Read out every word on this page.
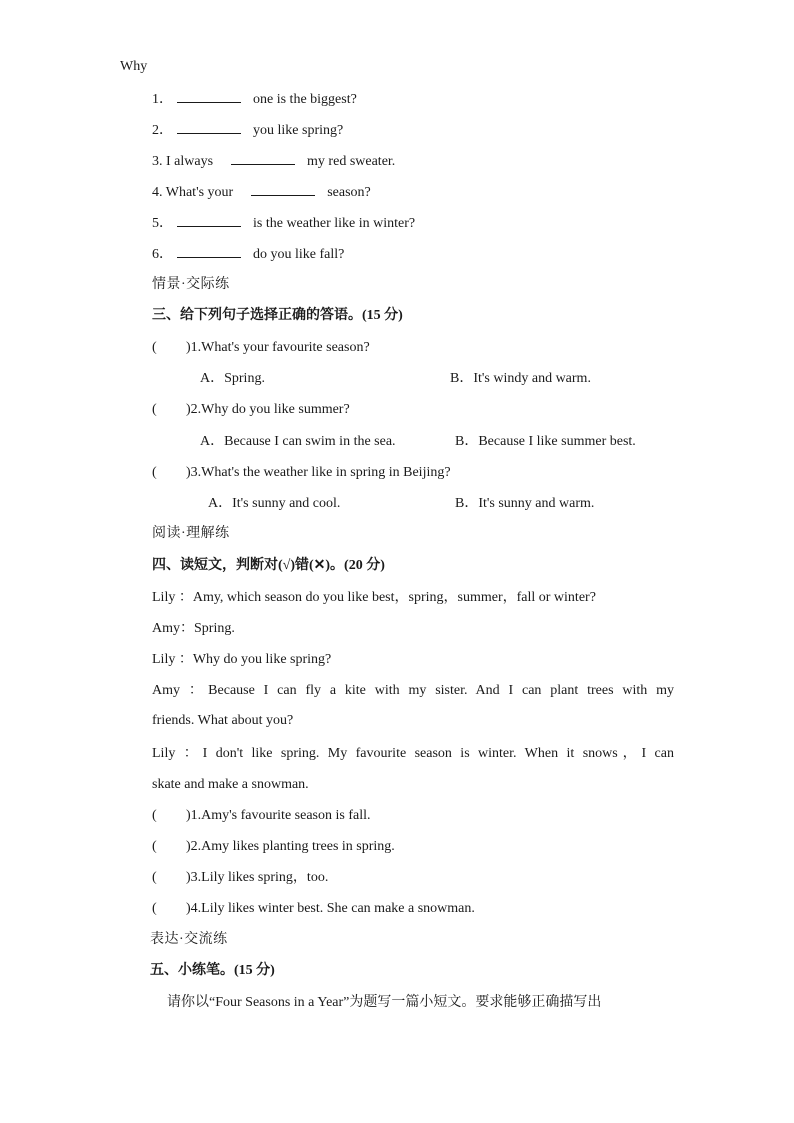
Why
1．	one is the biggest?
2．	you like spring?
3. I always	my red sweater.
4. What's your	season?
5．	is the weather like in winter?
6．	do you like fall?
情景·交际练
三、给下列句子选择正确的答语。(15 分)
( )1.What's your favourite season?
A．Spring.	B．It's windy and warm.
( )2.Why do you like summer?
A．Because I can swim in the sea.	B．Because I like summer best.
( )3.What's the weather like in spring in Beijing?
A．It's sunny and cool.	B．It's sunny and warm.
阅读·理解练
四、读短文，判断对(√)错(✕)。(20 分)
Lily ：Amy, which season do you like best，spring，summer，fall or winter?
Amy：Spring.
Lily ：Why do you like spring?
Amy ：Because I can fly a kite with my sister. And I can plant trees with my
friends. What about you?
Lily ：I don't like spring. My favourite season is winter. When it snows，I can
skate and make a snowman.
( )1.Amy's favourite season is fall.
( )2.Amy likes planting trees in spring.
( )3.Lily likes spring，too.
( )4.Lily likes winter best. She can make a snowman.
表达·交流练
五、小练笔。(15 分)
请你以“Four Seasons in a Year”为题写一篇小短文。要求能够正确描写出
